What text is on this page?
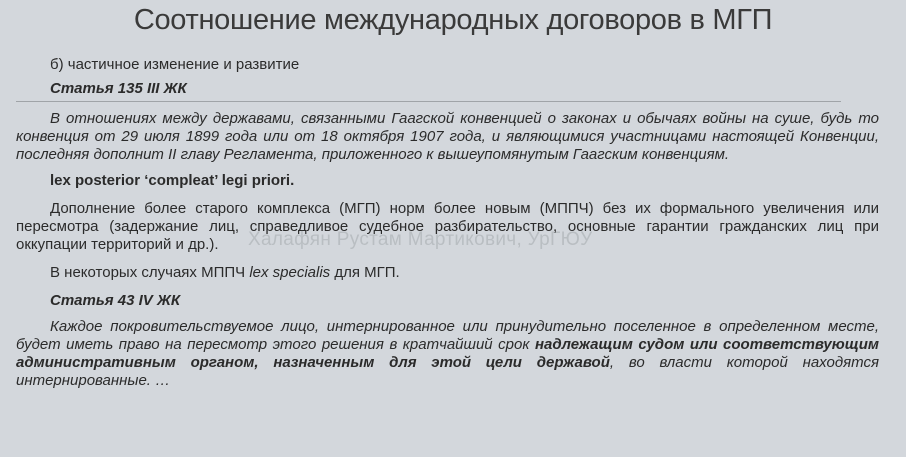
Соотношение международных договоров в МГП

б) частичное изменение и развитие

Статья 135 III ЖК

В отношениях между державами, связанными Гаагской конвенцией о законах и обычаях войны на суше, будь то конвенция от 29 июля 1899 года или от 18 октября 1907 года, и являющимися участницами настоящей Конвенции, последняя дополнит II главу Регламента, приложенного к вышеупомянутым Гаагским конвенциям.

lex posterior ‘compleat’ legi priori.

Дополнение более старого комплекса (МГП) норм более новым (МППЧ) без их формального увеличения или пересмотра (задержание лиц, справедливое судебное разбирательство, основные гарантии гражданских лиц при оккупации территорий и др.).

В некоторых случаях МППЧ lex specialis для МГП.

Статья 43 IV ЖК

Каждое покровительствуемое лицо, интернированное или принудительно поселенное в определенном месте, будет иметь право на пересмотр этого решения в кратчайший срок надлежащим судом или соответствующим административным органом, назначенным для этой цели державой, во власти которой находятся интернированные. …

Халафян Рустам Мартикович, УрГЮУ
